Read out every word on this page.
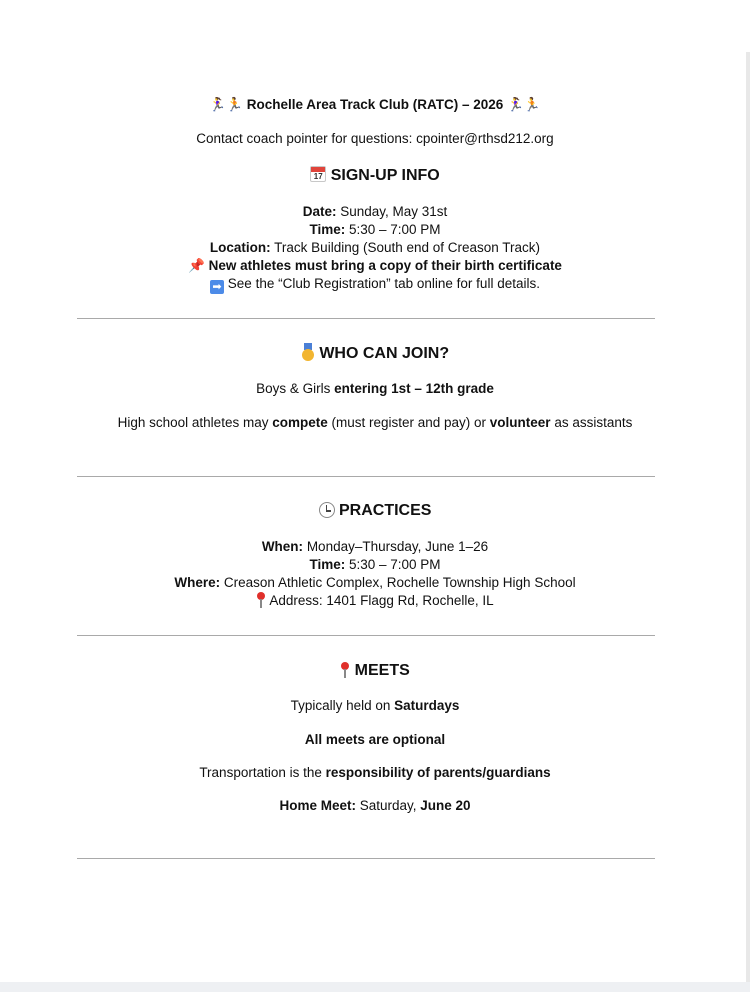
🏃‍♀️🏃 Rochelle Area Track Club (RATC) – 2026 🏃‍♀️🏃
Contact coach pointer for questions: cpointer@rthsd212.org
17 SIGN-UP INFO
Date: Sunday, May 31st
Time: 5:30 – 7:00 PM
Location: Track Building (South end of Creason Track)
📌 New athletes must bring a copy of their birth certificate
➡ See the “Club Registration” tab online for full details.
WHO CAN JOIN?
Boys & Girls entering 1st – 12th grade
High school athletes may compete (must register and pay) or volunteer as assistants
PRACTICES
When: Monday–Thursday, June 1–26
Time: 5:30 – 7:00 PM
Where: Creason Athletic Complex, Rochelle Township High School
Address: 1401 Flagg Rd, Rochelle, IL
MEETS
Typically held on Saturdays
All meets are optional
Transportation is the responsibility of parents/guardians
Home Meet: Saturday, June 20
